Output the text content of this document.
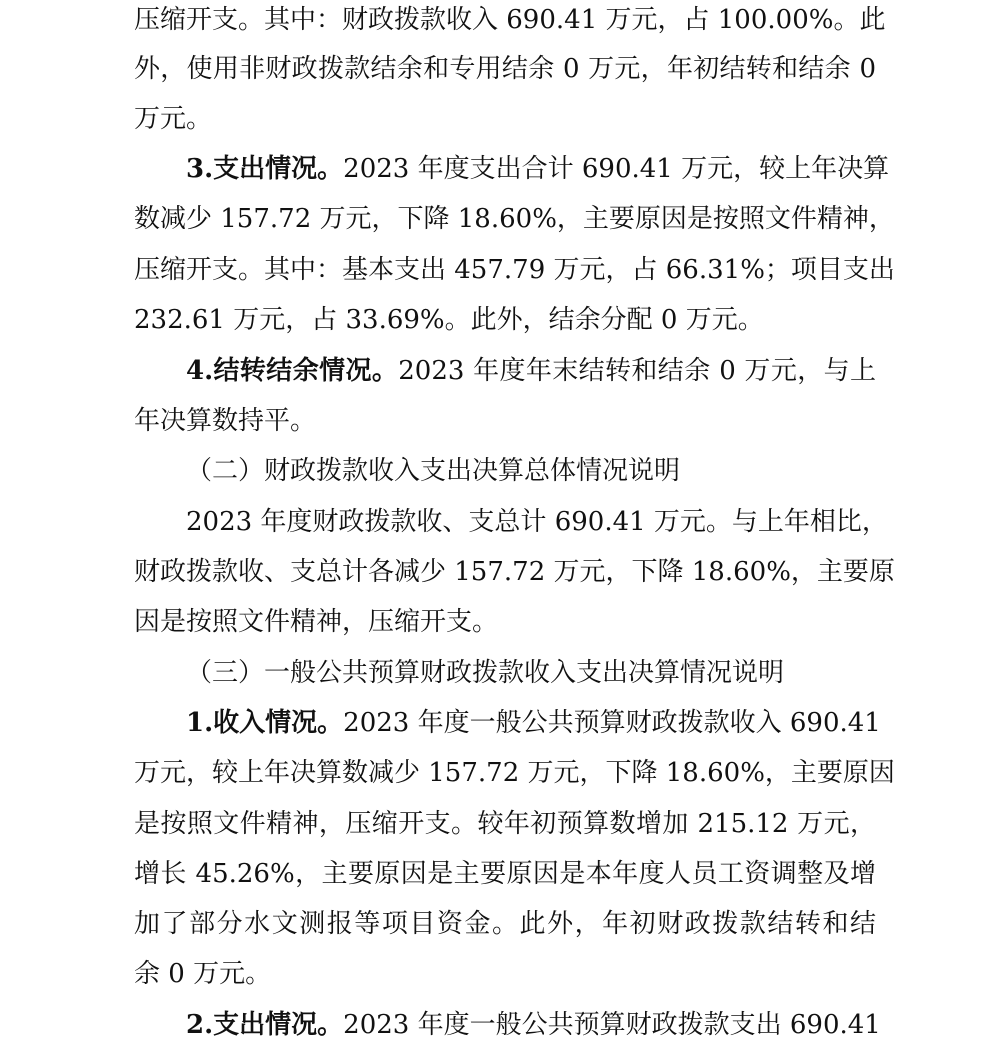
压缩开支。其中：财政拨款收入 690.41 万元，占 100.00%。此
外，使用非财政拨款结余和专用结余 0 万元，年初结转和结余 0
万元。
3.支出情况。2023 年度支出合计 690.41 万元，较上年决算
数减少 157.72 万元，下降 18.60%，主要原因是按照文件精神，
压缩开支。其中：基本支出 457.79 万元，占 66.31%；项目支出
232.61 万元，占 33.69%。此外，结余分配 0 万元。
4.结转结余情况。2023 年度年末结转和结余 0 万元，与上
年决算数持平。
（二）财政拨款收入支出决算总体情况说明
2023 年度财政拨款收、支总计 690.41 万元。与上年相比，
财政拨款收、支总计各减少 157.72 万元，下降 18.60%，主要原
因是按照文件精神，压缩开支。
（三）一般公共预算财政拨款收入支出决算情况说明
1.收入情况。2023 年度一般公共预算财政拨款收入 690.41
万元，较上年决算数减少 157.72 万元，下降 18.60%，主要原因
是按照文件精神，压缩开支。较年初预算数增加 215.12 万元，
增长 45.26%，主要原因是主要原因是本年度人员工资调整及增
加了部分水文测报等项目资金。此外，年初财政拨款结转和结
余 0 万元。
2.支出情况。2023 年度一般公共预算财政拨款支出 690.41
